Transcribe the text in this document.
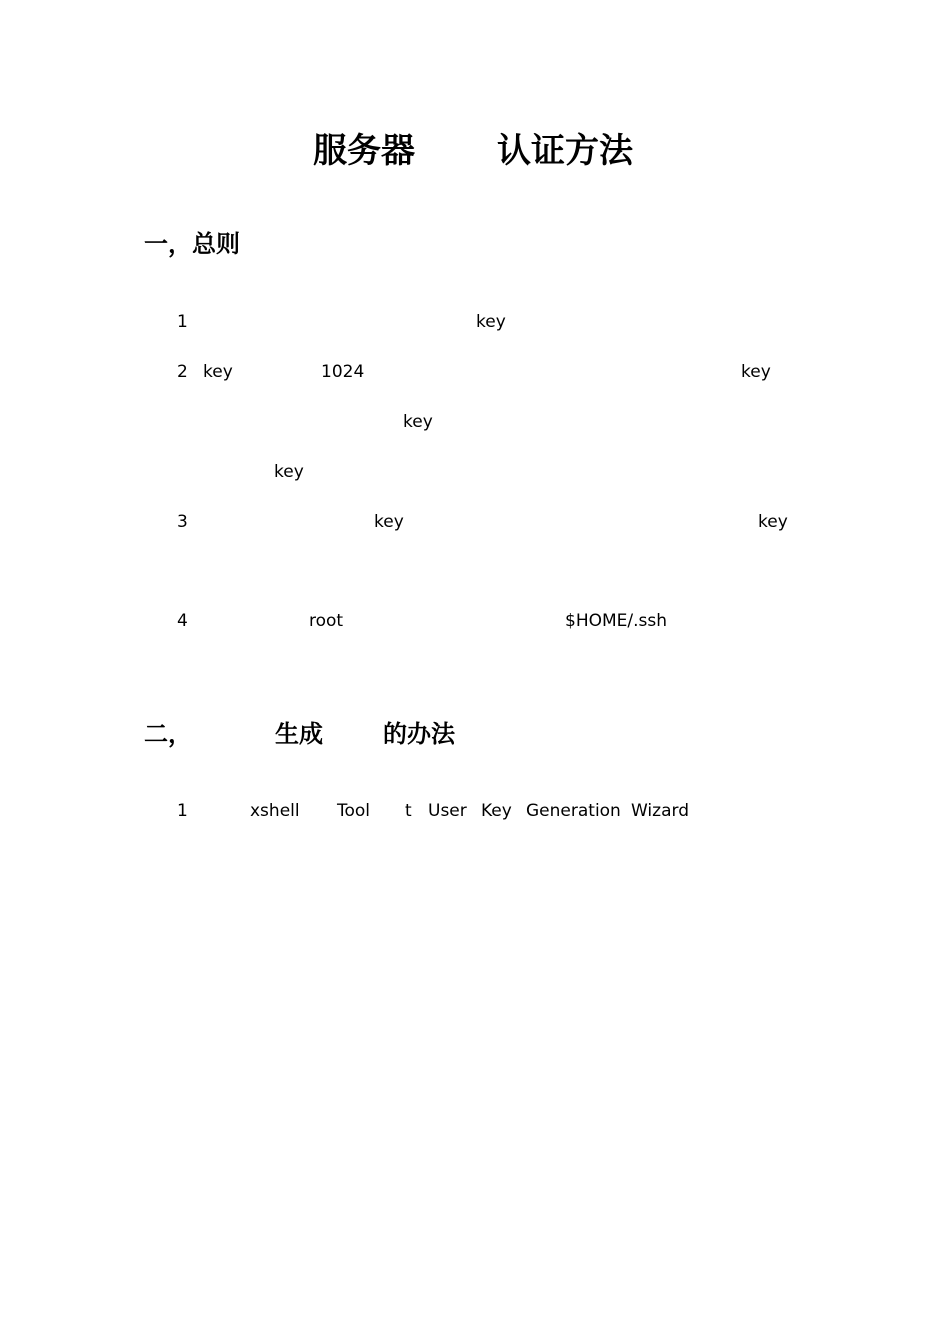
服务器 认证方法
一，总则
1	key
2 key	1024	key
key
key
3	key	key
4	root	$HOME/.ssh
二，	生成	的办法
1	xshell Tool t User Key Generation Wizard
